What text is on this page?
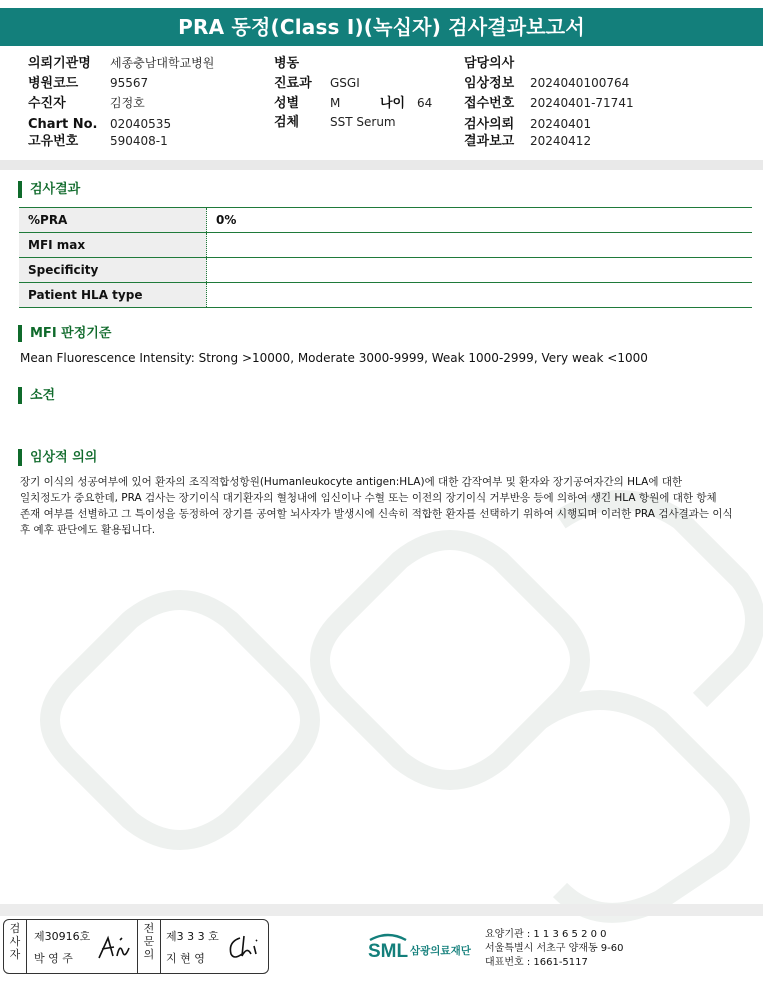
PRA 동정(Class I)(녹십자) 검사결과보고서
의뢰기관명 세종충남대학교병원
병원코드	95567
수진자	김정호
Chart No. 02040535
고유번호	590408-1
병동
진료과 GSGI
성별	M	나이 64
검체	SST Serum
담당의사
임상정보 2024040100764
접수번호 20240401-71741
검사의뢰 20240401
결과보고 20240412
검사결과
%PRA	0%
MFI max
Specificity
Patient HLA type
MFI 판정기준
Mean Fluorescence Intensity: Strong >10000, Moderate 3000-9999, Weak 1000-2999, Very weak <1000
소견
임상적 의의
장기 이식의 성공여부에 있어 환자의 조직적합성항원(Humanleukocyte antigen:HLA)에 대한 감작여부 및 환자와 장기공여자간의 HLA에 대한
일치정도가 중요한데, PRA 검사는 장기이식 대기환자의 혈청내에 임신이나 수혈 또는 이전의 장기이식 거부반응 등에 의하여 생긴 HLA 항원에 대한 항체
존재 여부를 선별하고 그 특이성을 동정하여 장기를 공여할 뇌사자가 발생시에 신속히 적합한 환자를 선택하기 위하여 시행되며 이러한 PRA 검사결과는 이식
후 예후 판단에도 활용됩니다.
검
사
자
제30916호
박 영 주
전
문
의
제3 3 3 호
지 현 영	SML 삼광의료재단
요양기관 : 1 1 3 6 5 2 0 0
서울특별시 서초구 양재동 9-60
대표번호 : 1661-5117
